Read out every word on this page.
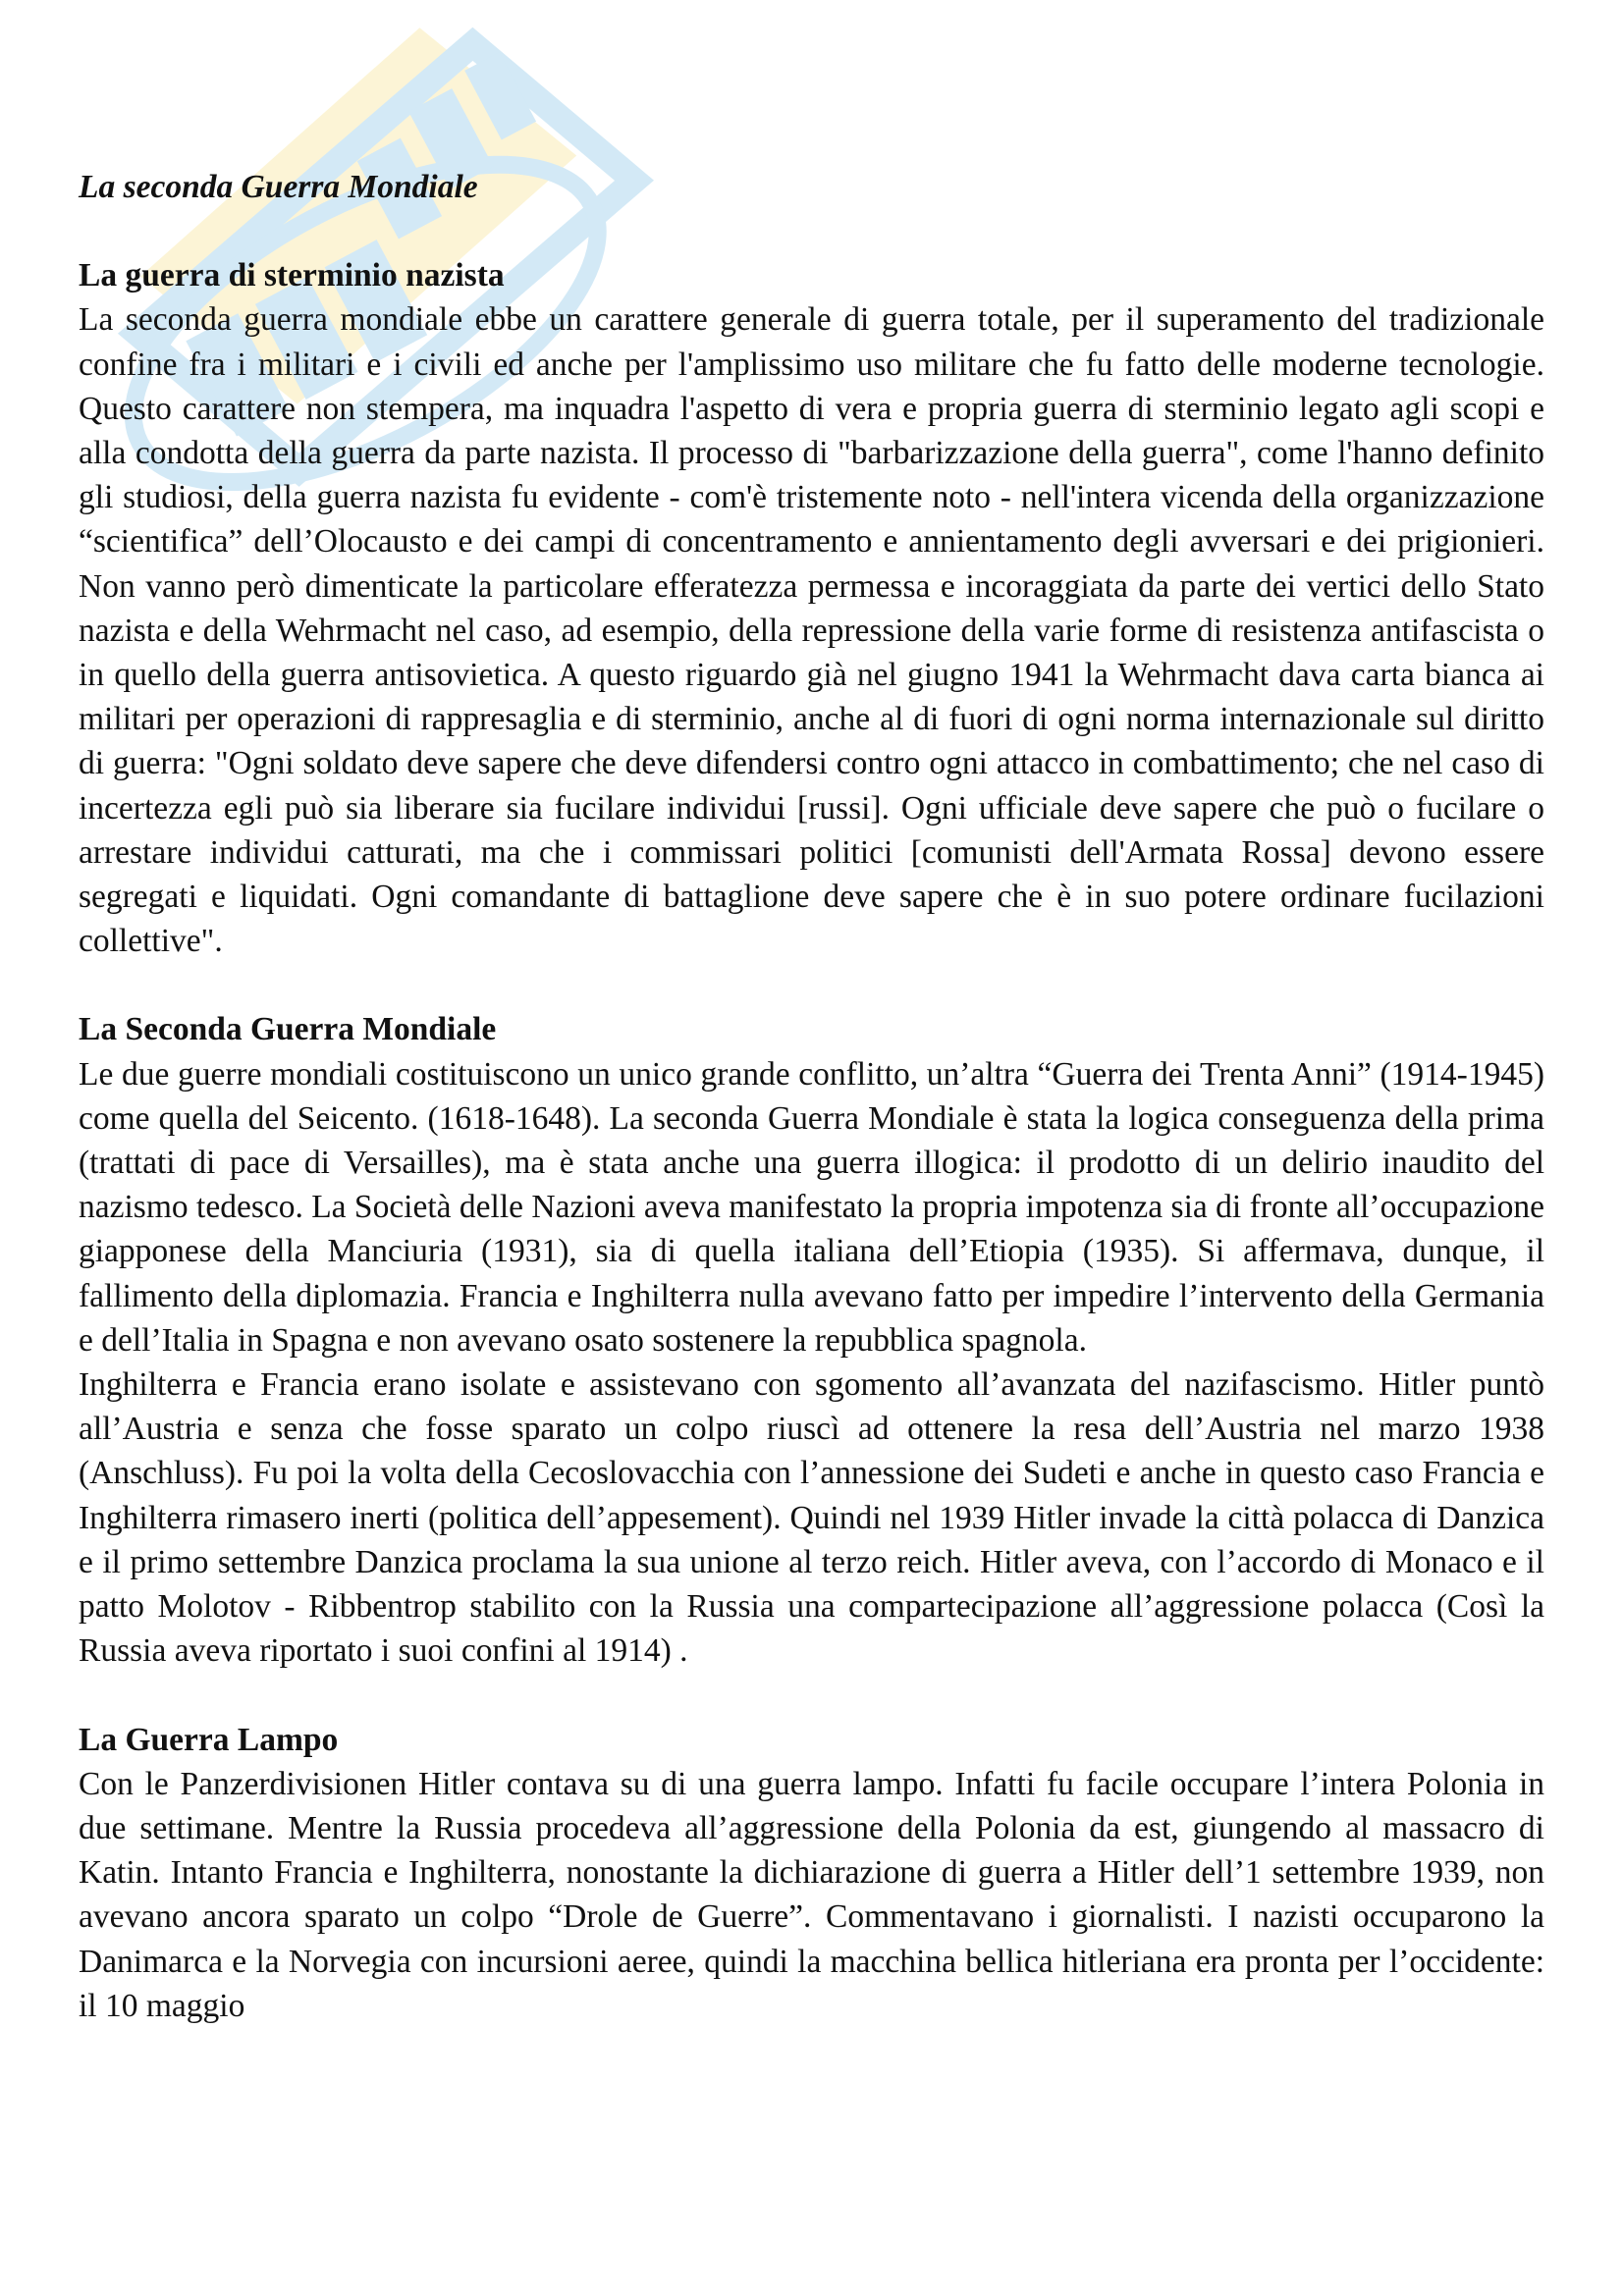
La seconda Guerra Mondiale

La guerra di sterminio nazista

La seconda guerra mondiale ebbe un carattere generale di guerra totale, per il superamento del tradizionale confine fra i militari e i civili ed anche per l'amplissimo uso militare che fu fatto delle moderne tecnologie. Questo carattere non stempera, ma inquadra l'aspetto di vera e propria guerra di sterminio legato agli scopi e alla condotta della guerra da parte nazista. Il processo di "barbarizzazione della guerra", come l'hanno definito gli studiosi, della guerra nazista fu evidente - com'è tristemente noto - nell'intera vicenda della organizzazione “scientifica” dell’Olocausto e dei campi di concentramento e annientamento degli avversari e dei prigionieri. Non vanno però dimenticate la particolare efferatezza permessa e incoraggiata da parte dei vertici dello Stato nazista e della Wehrmacht nel caso, ad esempio, della repressione della varie forme di resistenza antifascista o in quello della guerra antisovietica. A questo riguardo già nel giugno 1941 la Wehrmacht dava carta bianca ai militari per operazioni di rappresaglia e di sterminio, anche al di fuori di ogni norma internazionale sul diritto di guerra: "Ogni soldato deve sapere che deve difendersi contro ogni attacco in combattimento; che nel caso di incertezza egli può sia liberare sia fucilare individui [russi]. Ogni ufficiale deve sapere che può o fucilare o arrestare individui catturati, ma che i commissari politici [comunisti dell'Armata Rossa] devono essere segregati e liquidati. Ogni comandante di battaglione deve sapere che è in suo potere ordinare fucilazioni collettive".

La Seconda Guerra Mondiale

Le due guerre mondiali costituiscono un unico grande conflitto, un’altra “Guerra dei Trenta Anni” (1914-1945) come quella del Seicento. (1618-1648). La seconda Guerra Mondiale è stata la logica conseguenza della prima (trattati di pace di Versailles), ma è stata anche una guerra illogica: il prodotto di un delirio inaudito del nazismo tedesco. La Società delle Nazioni aveva manifestato la propria impotenza sia di fronte all’occupazione giapponese della Manciuria (1931), sia di quella italiana dell’Etiopia (1935). Si affermava, dunque, il fallimento della diplomazia. Francia e Inghilterra nulla avevano fatto per impedire l’intervento della Germania e dell’Italia in Spagna e non avevano osato sostenere la repubblica spagnola.

Inghilterra e Francia erano isolate e assistevano con sgomento all’avanzata del nazifascismo. Hitler puntò all’Austria e senza che fosse sparato un colpo riuscì ad ottenere la resa dell’Austria nel marzo 1938 (Anschluss). Fu poi la volta della Cecoslovacchia con l’annessione dei Sudeti e anche in questo caso Francia e Inghilterra rimasero inerti (politica dell’appesement). Quindi nel 1939 Hitler invade la città polacca di Danzica e il primo settembre Danzica proclama la sua unione al terzo reich. Hitler aveva, con l’accordo di Monaco e il patto Molotov - Ribbentrop stabilito con la Russia una compartecipazione all’aggressione polacca (Così la Russia aveva riportato i suoi confini al 1914) .

La Guerra Lampo

Con le Panzerdivisionen Hitler contava su di una guerra lampo. Infatti fu facile occupare l’intera Polonia in due settimane. Mentre la Russia procedeva all’aggressione della Polonia da est, giungendo al massacro di Katin. Intanto Francia e Inghilterra, nonostante la dichiarazione di guerra a Hitler dell’1 settembre 1939, non avevano ancora sparato un colpo “Drole de Guerre”. Commentavano i giornalisti. I nazisti occuparono la Danimarca e la Norvegia con incursioni aeree, quindi la macchina bellica hitleriana era pronta per l’occidente: il 10 maggio
